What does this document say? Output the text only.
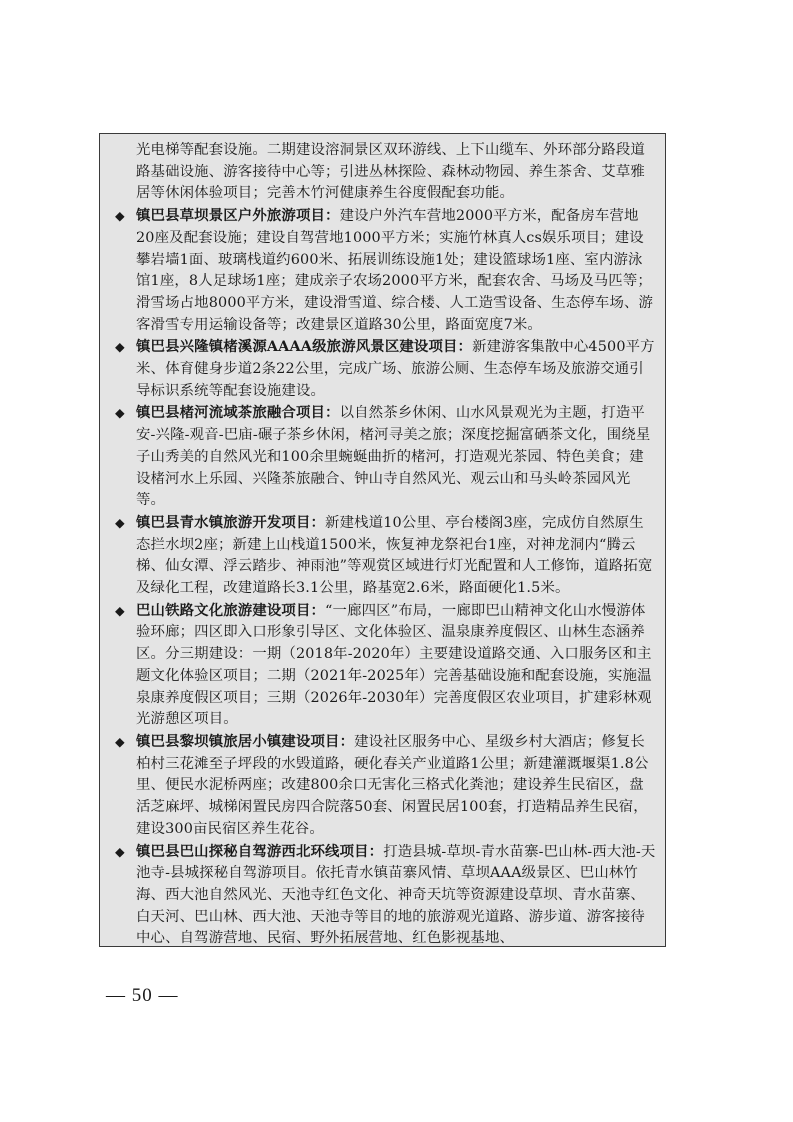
光电梯等配套设施。二期建设溶洞景区双环游线、上下山缆车、外环部分路段道路基础设施、游客接待中心等；引进丛林探险、森林动物园、养生茶舍、艾草雅居等休闲体验项目；完善木竹河健康养生谷度假配套功能。

◆ 镇巴县草坝景区户外旅游项目：建设户外汽车营地2000平方米，配备房车营地20座及配套设施；建设自驾营地1000平方米；实施竹林真人cs娱乐项目；建设攀岩墙1面、玻璃栈道约600米、拓展训练设施1处；建设篮球场1座、室内游泳馆1座，8人足球场1座；建成亲子农场2000平方米，配套农舍、马场及马匹等；滑雪场占地8000平方米，建设滑雪道、综合楼、人工造雪设备、生态停车场、游客滑雪专用运输设备等；改建景区道路30公里，路面宽度7米。

◆ 镇巴县兴隆镇楮溪源AAAA级旅游风景区建设项目：新建游客集散中心4500平方米、体育健身步道2条22公里，完成广场、旅游公厕、生态停车场及旅游交通引导标识系统等配套设施建设。

◆ 镇巴县楮河流域茶旅融合项目：以自然茶乡休闲、山水风景观光为主题，打造平安-兴隆-观音-巴庙-碾子茶乡休闲，楮河寻美之旅；深度挖掘富硒茶文化，围绕星子山秀美的自然风光和100余里蜿蜒曲折的楮河，打造观光茶园、特色美食；建设楮河水上乐园、兴隆茶旅融合、钟山寺自然风光、观云山和马头岭茶园风光等。

◆ 镇巴县青水镇旅游开发项目：新建栈道10公里、亭台楼阁3座，完成仿自然原生态拦水坝2座；新建上山栈道1500米，恢复神龙祭祀台1座，对神龙洞内“腾云梯、仙女潭、浮云踏步、神雨池”等观赏区域进行灯光配置和人工修饰，道路拓宽及绿化工程，改建道路长3.1公里，路基宽2.6米，路面硬化1.5米。

◆ 巴山铁路文化旅游建设项目：“一廊四区”布局，一廊即巴山精神文化山水慢游体验环廊；四区即入口形象引导区、文化体验区、温泉康养度假区、山林生态涵养区。分三期建设：一期（2018年-2020年）主要建设道路交通、入口服务区和主题文化体验区项目；二期（2021年-2025年）完善基础设施和配套设施，实施温泉康养度假区项目；三期（2026年-2030年）完善度假区农业项目，扩建彩林观光游憩区项目。

◆ 镇巴县黎坝镇旅居小镇建设项目：建设社区服务中心、星级乡村大酒店；修复长柏村三花滩至子坪段的水毁道路，硬化春关产业道路1公里；新建灌溉堰渠1.8公里、便民水泥桥两座；改建800余口无害化三格式化粪池；建设养生民宿区，盘活芝麻坪、城梯闲置民房四合院落50套、闲置民居100套，打造精品养生民宿，建设300亩民宿区养生花谷。

◆ 镇巴县巴山探秘自驾游西北环线项目：打造县城-草坝-青水苗寨-巴山林-西大池-天池寺-县城探秘自驾游项目。依托青水镇苗寨风情、草坝AAA级景区、巴山林竹海、西大池自然风光、天池寺红色文化、神奇天坑等资源建设草坝、青水苗寨、白天河、巴山林、西大池、天池寺等目的地的旅游观光道路、游步道、游客接待中心、自驾游营地、民宿、野外拓展营地、红色影视基地、

— 50 —
